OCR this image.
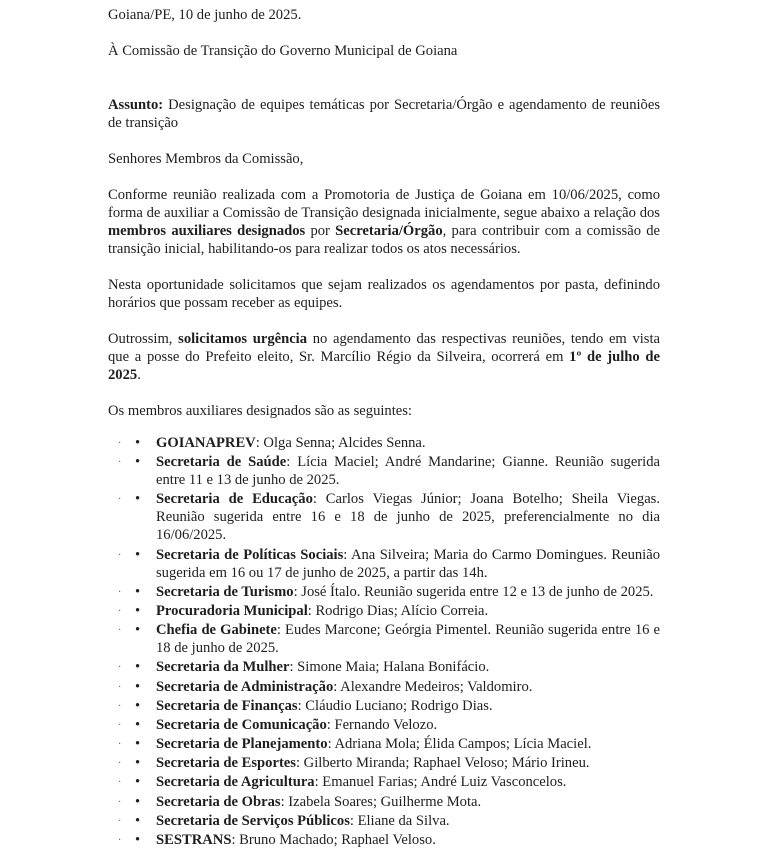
Goiana/PE, 10 de junho de 2025.
À Comissão de Transição do Governo Municipal de Goiana
Assunto: Designação de equipes temáticas por Secretaria/Órgão e agendamento de reuniões de transição
Senhores Membros da Comissão,
Conforme reunião realizada com a Promotoria de Justiça de Goiana em 10/06/2025, como forma de auxiliar a Comissão de Transição designada inicialmente, segue abaixo a relação dos membros auxiliares designados por Secretaria/Órgão, para contribuir com a comissão de transição inicial, habilitando-os para realizar todos os atos necessários.
Nesta oportunidade solicitamos que sejam realizados os agendamentos por pasta, definindo horários que possam receber as equipes.
Outrossim, solicitamos urgência no agendamento das respectivas reuniões, tendo em vista que a posse do Prefeito eleito, Sr. Marcílio Régio da Silveira, ocorrerá em 1º de julho de 2025.
Os membros auxiliares designados são as seguintes:
· • GOIANAPREV: Olga Senna; Alcides Senna.
· • Secretaria de Saúde: Lícia Maciel; André Mandarine; Gianne. Reunião sugerida entre 11 e 13 de junho de 2025.
· • Secretaria de Educação: Carlos Viegas Júnior; Joana Botelho; Sheila Viegas. Reunião sugerida entre 16 e 18 de junho de 2025, preferencialmente no dia 16/06/2025.
· • Secretaria de Políticas Sociais: Ana Silveira; Maria do Carmo Domingues. Reunião sugerida em 16 ou 17 de junho de 2025, a partir das 14h.
· • Secretaria de Turismo: José Ítalo. Reunião sugerida entre 12 e 13 de junho de 2025.
· • Procuradoria Municipal: Rodrigo Dias; Alício Correia.
· • Chefia de Gabinete: Eudes Marcone; Geórgia Pimentel. Reunião sugerida entre 16 e 18 de junho de 2025.
· • Secretaria da Mulher: Simone Maia; Halana Bonifácio.
· • Secretaria de Administração: Alexandre Medeiros; Valdomiro.
· • Secretaria de Finanças: Cláudio Luciano; Rodrigo Dias.
· • Secretaria de Comunicação: Fernando Velozo.
· • Secretaria de Planejamento: Adriana Mola; Élida Campos; Lícia Maciel.
· • Secretaria de Esportes: Gilberto Miranda; Raphael Veloso; Mário Irineu.
· • Secretaria de Agricultura: Emanuel Farias; André Luiz Vasconcelos.
· • Secretaria de Obras: Izabela Soares; Guilherme Mota.
· • Secretaria de Serviços Públicos: Eliane da Silva.
· • SESTRANS: Bruno Machado; Raphael Veloso.
